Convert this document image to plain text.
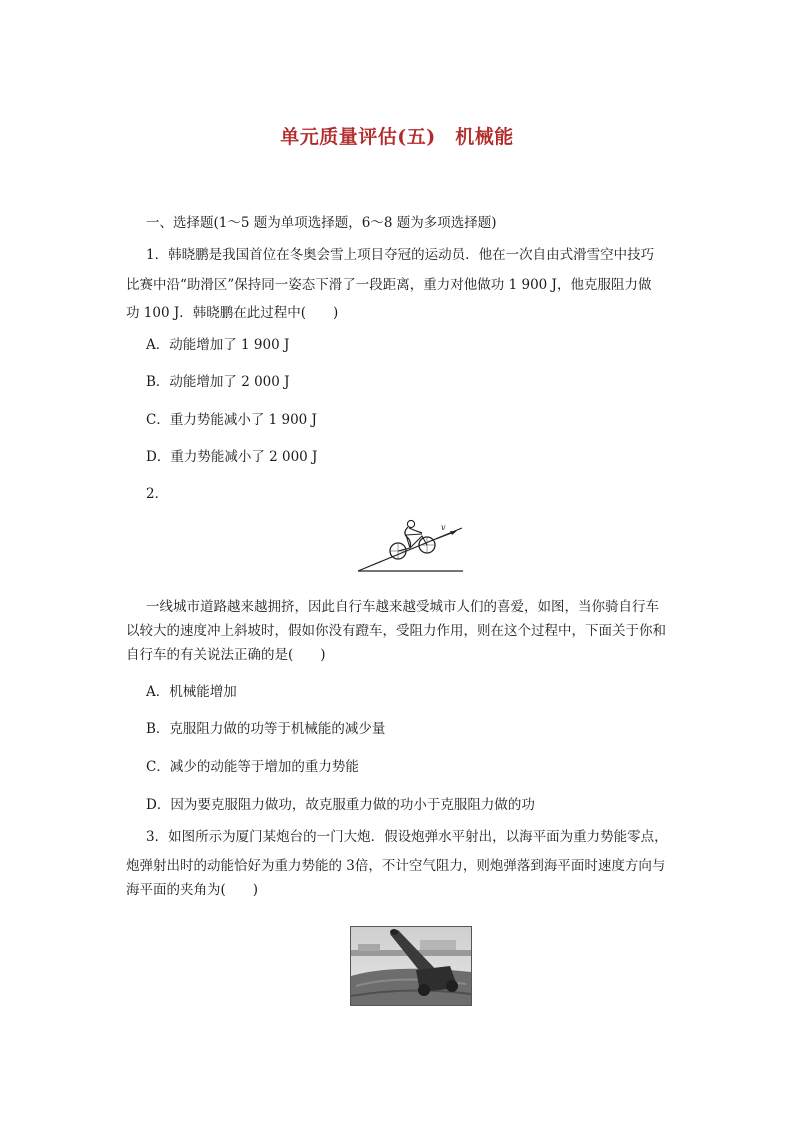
单元质量评估(五)　机械能
一、选择题(1～5 题为单项选择题，6～8 题为多项选择题)
1．韩晓鹏是我国首位在冬奥会雪上项目夺冠的运动员．他在一次自由式滑雪空中技巧
比赛中沿“助滑区”保持同一姿态下滑了一段距离，重力对他做功 1 900 J，他克服阻力做
功 100 J．韩晓鹏在此过程中(　　)
A．动能增加了 1 900 J
B．动能增加了 2 000 J
C．重力势能减小了 1 900 J
D．重力势能减小了 2 000 J
2．
v
一线城市道路越来越拥挤，因此自行车越来越受城市人们的喜爱，如图，当你骑自行车
以较大的速度冲上斜坡时，假如你没有蹬车，受阻力作用，则在这个过程中，下面关于你和
自行车的有关说法正确的是(　　)
A．机械能增加
B．克服阻力做的功等于机械能的减少量
C．减少的动能等于增加的重力势能
D．因为要克服阻力做功，故克服重力做的功小于克服阻力做的功
3．如图所示为厦门某炮台的一门大炮．假设炮弹水平射出，以海平面为重力势能零点，
炮弹射出时的动能恰好为重力势能的 3倍，不计空气阻力，则炮弹落到海平面时速度方向与
海平面的夹角为(　　)
